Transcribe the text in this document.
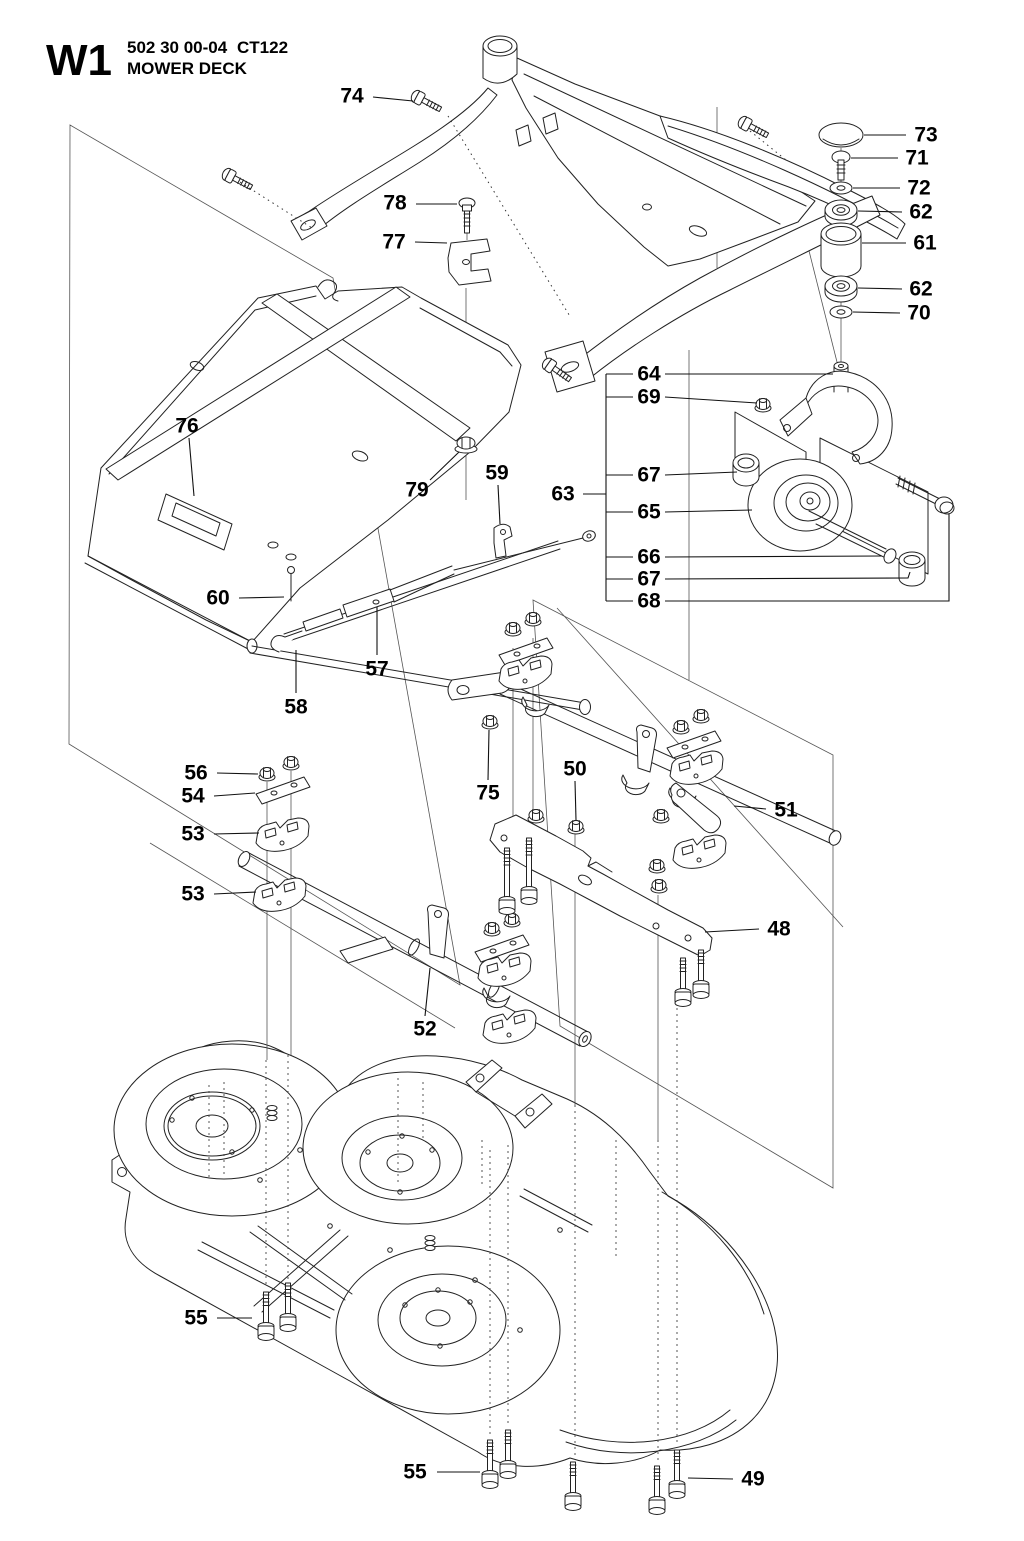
W1 502 30 00-04 CT122
MOWER DECK
74
73
71
72
62
61
62
70
78
77
76
79
59
63
64
69
67
65
66
67
68
60
57
58
56
54
53
53
75
50
51
48
52
55
55	49
